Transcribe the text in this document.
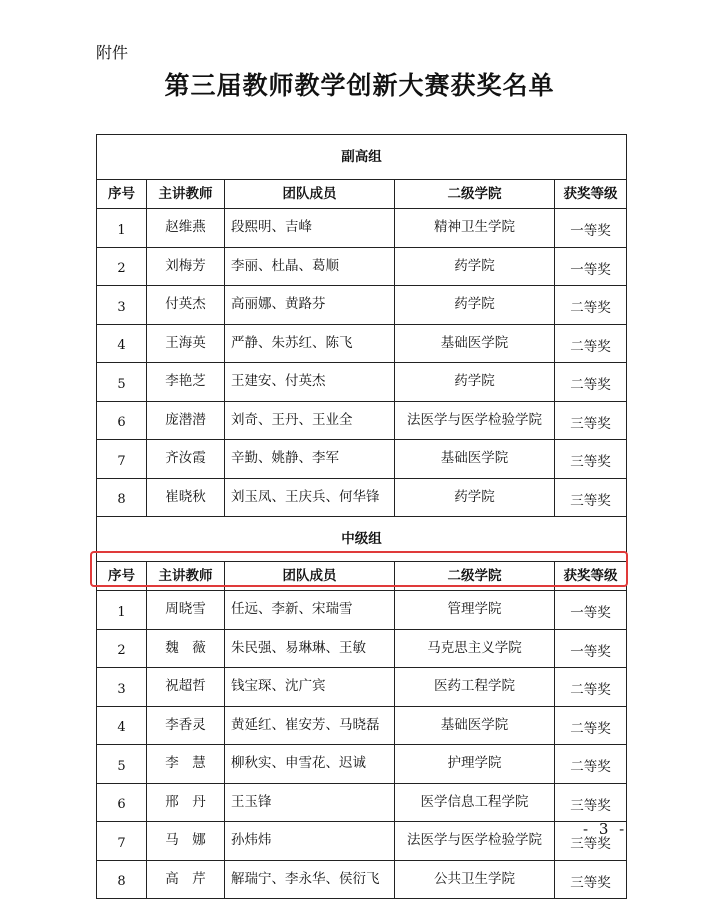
附件
第三届教师教学创新大赛获奖名单
副高组				
序号	主讲教师	团队成员	二级学院	获奖等级
1	赵维燕	段熙明、吉峰	精神卫生学院	一等奖
2	刘梅芳	李丽、杜晶、葛顺	药学院	一等奖
3	付英杰	高丽娜、黄路芬	药学院	二等奖
4	王海英	严静、朱苏红、陈飞	基础医学院	二等奖
5	李艳芝	王建安、付英杰	药学院	二等奖
6	庞潜潜	刘奇、王丹、王业全	法医学与医学检验学院	三等奖
7	齐汝霞	辛勤、姚静、李军	基础医学院	三等奖
8	崔晓秋	刘玉凤、王庆兵、何华锋	药学院	三等奖
中级组				
序号	主讲教师	团队成员	二级学院	获奖等级
1	周晓雪	任远、李新、宋瑞雪	管理学院	一等奖
2	魏　薇	朱民强、易琳琳、王敏	马克思主义学院	一等奖
3	祝超哲	钱宝琛、沈广宾	医药工程学院	二等奖
4	李香灵	黄延红、崔安芳、马晓磊	基础医学院	二等奖
5	李　慧	柳秋实、申雪花、迟诚	护理学院	二等奖
6	邢　丹	王玉锋	医学信息工程学院	三等奖
7	马　娜	孙炜炜	法医学与医学检验学院	三等奖
8	高　芹	解瑞宁、李永华、侯衍飞	公共卫生学院	三等奖
- 3 -
